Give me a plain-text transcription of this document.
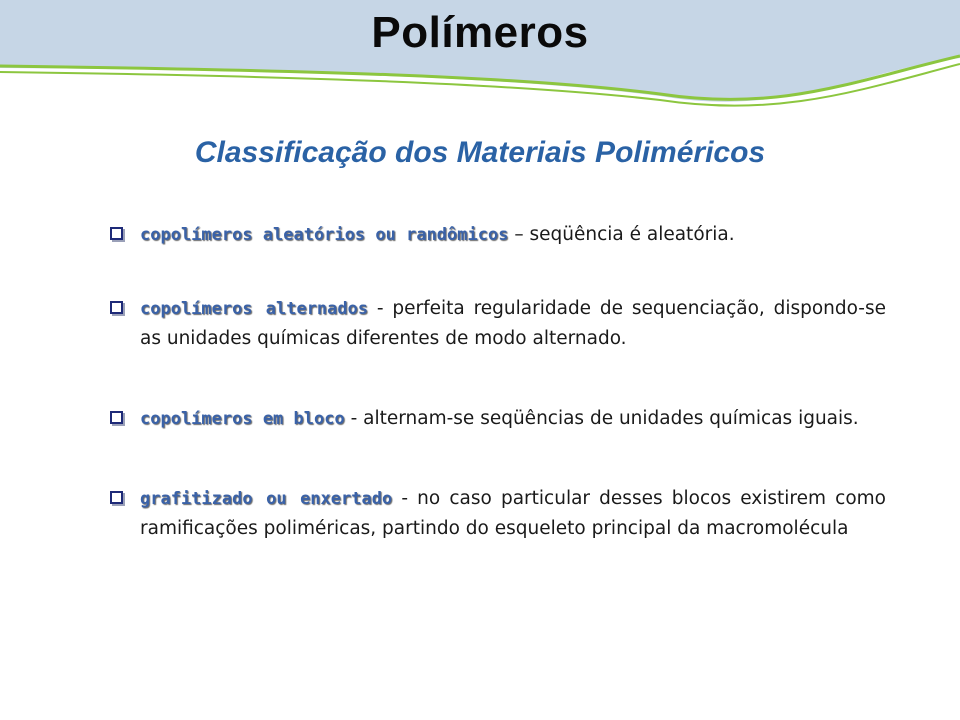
Polímeros
Classificação dos Materiais Poliméricos
copolímeros aleatórios ou randômicos – seqüência é aleatória.
copolímeros alternados - perfeita regularidade de sequenciação, dispondo-se as unidades químicas diferentes de modo alternado.
copolímeros em bloco - alternam-se seqüências de unidades químicas iguais.
grafitizado ou enxertado - no caso particular desses blocos existirem como ramificações poliméricas, partindo do esqueleto principal da macromolécula
